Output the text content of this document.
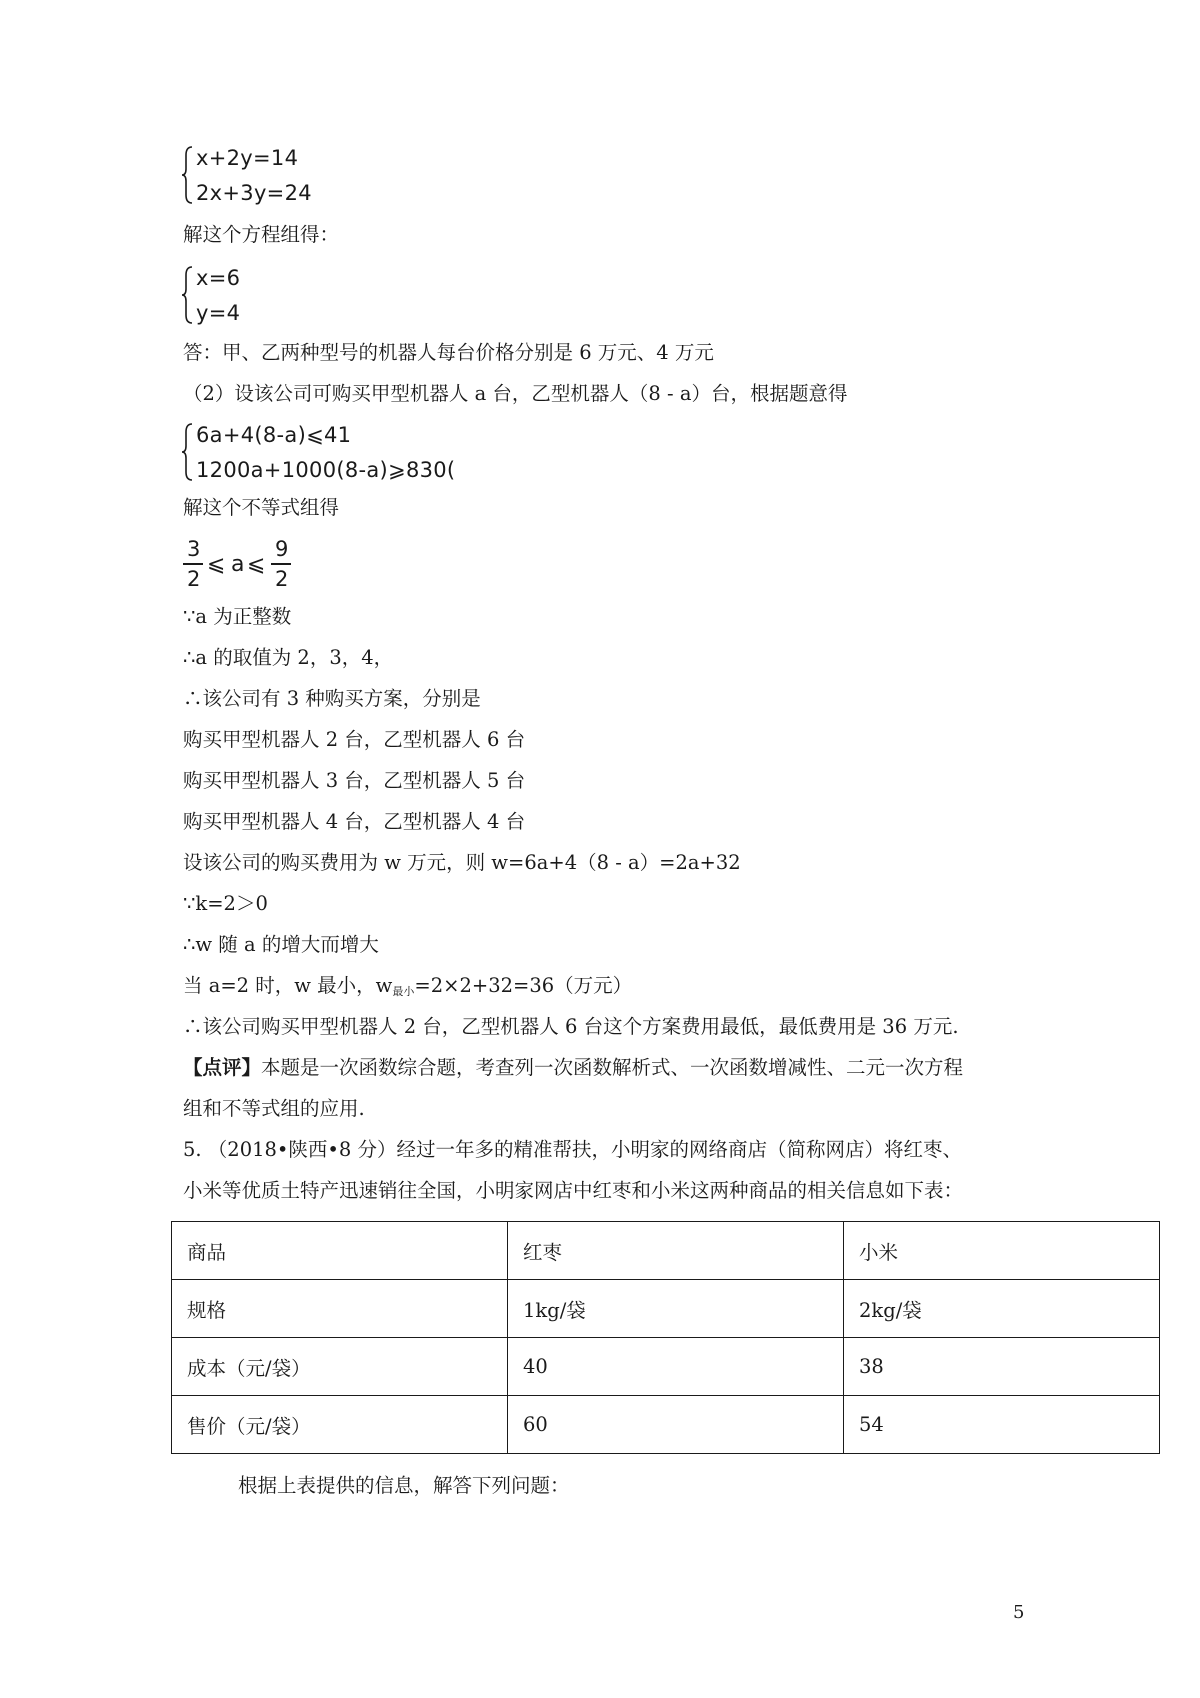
x+2y=14
2x+3y=24
解这个方程组得：
x=6
y=4
答：甲、乙两种型号的机器人每台价格分别是 6 万元、4 万元
（2）设该公司可购买甲型机器人 a 台，乙型机器人（8 - a）台，根据题意得
6a+4(8-a)⩽41
1200a+1000(8-a)⩾830(
解这个不等式组得
3
2
⩽ a ⩽
9
2
∵a 为正整数
∴a 的取值为 2，3，4，
∴该公司有 3 种购买方案，分别是
购买甲型机器人 2 台，乙型机器人 6 台
购买甲型机器人 3 台，乙型机器人 5 台
购买甲型机器人 4 台，乙型机器人 4 台
设该公司的购买费用为 w 万元，则 w=6a+4（8 - a）=2a+32
∵k=2＞0
∴w 随 a 的增大而增大
当 a=2 时，w 最小，$w_{最小}=2\times 2+32=36$（万元）
∴该公司购买甲型机器人 2 台，乙型机器人 6 台这个方案费用最低，最低费用是 36 万元.
【点评】本题是一次函数综合题，考查列一次函数解析式、一次函数增减性、二元一次方程
组和不等式组的应用.
5. （2018•陕西•8 分）经过一年多的精准帮扶，小明家的网络商店（简称网店）将红枣、
小米等优质土特产迅速销往全国，小明家网店中红枣和小米这两种商品的相关信息如下表：
商品	红枣	小米
规格	1kg/袋	2kg/袋
成本（元/袋）	40	38
售价（元/袋）	60	54
根据上表提供的信息，解答下列问题：
5
